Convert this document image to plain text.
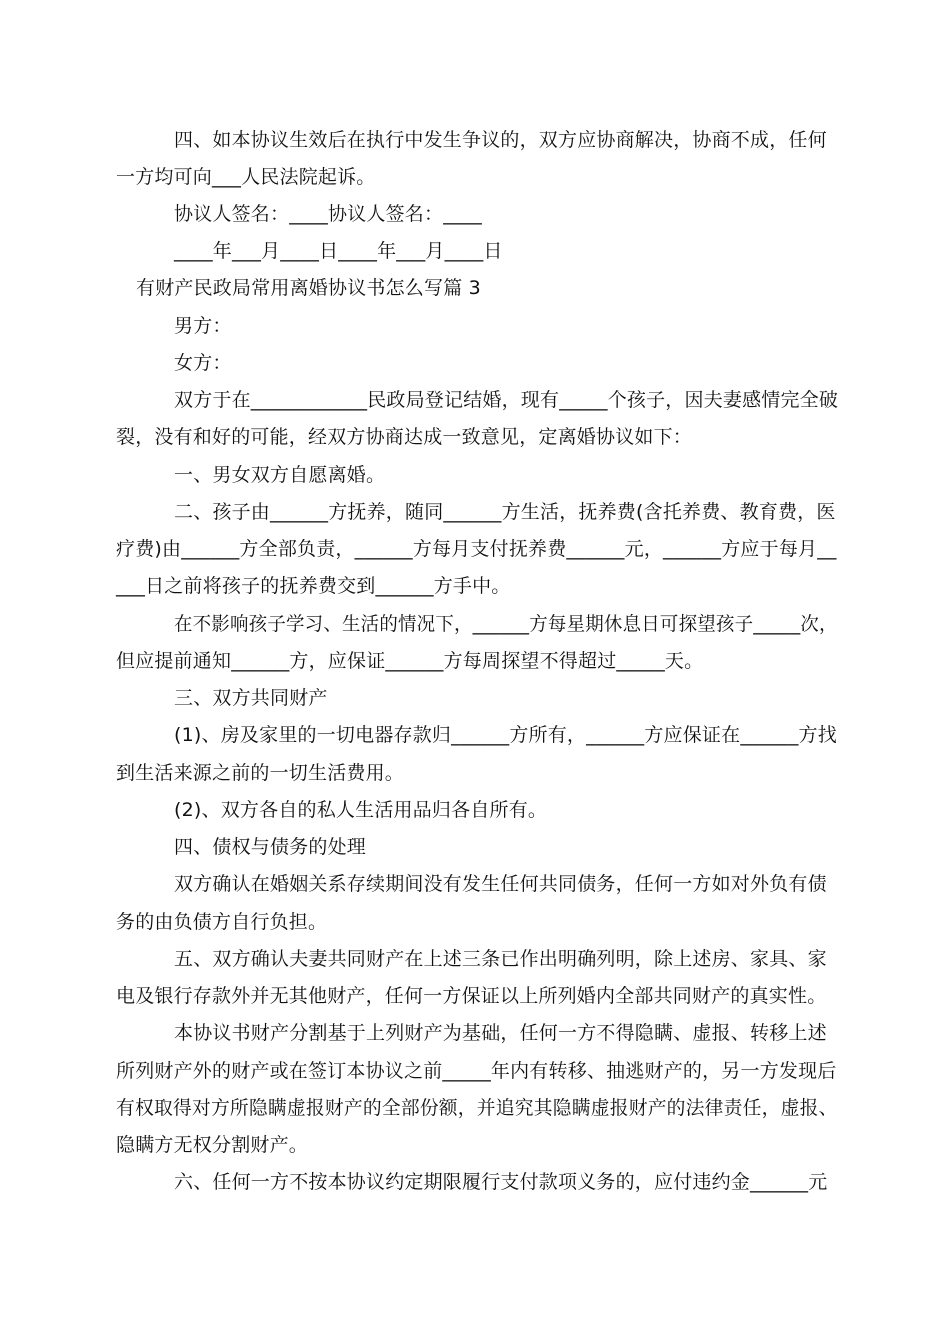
四、如本协议生效后在执行中发生争议的，双方应协商解决，协商不成，任何
一方均可向___人民法院起诉。
协议人签名：____协议人签名：____
____年___月____日____年___月____日
有财产民政局常用离婚协议书怎么写篇 3
男方：
女方：
双方于在____________民政局登记结婚，现有_____个孩子，因夫妻感情完全破
裂，没有和好的可能，经双方协商达成一致意见，定离婚协议如下：
一、男女双方自愿离婚。
二、孩子由______方抚养，随同______方生活，抚养费(含托养费、教育费，医
疗费)由______方全部负责，______方每月支付抚养费______元，______方应于每月__
___日之前将孩子的抚养费交到______方手中。
在不影响孩子学习、生活的情况下，______方每星期休息日可探望孩子_____次，
但应提前通知______方，应保证______方每周探望不得超过_____天。
三、双方共同财产
(1)、房及家里的一切电器存款归______方所有，______方应保证在______方找
到生活来源之前的一切生活费用。
(2)、双方各自的私人生活用品归各自所有。
四、债权与债务的处理
双方确认在婚姻关系存续期间没有发生任何共同债务，任何一方如对外负有债
务的由负债方自行负担。
五、双方确认夫妻共同财产在上述三条已作出明确列明，除上述房、家具、家
电及银行存款外并无其他财产，任何一方保证以上所列婚内全部共同财产的真实性。
本协议书财产分割基于上列财产为基础，任何一方不得隐瞒、虚报、转移上述
所列财产外的财产或在签订本协议之前_____年内有转移、抽逃财产的，另一方发现后
有权取得对方所隐瞒虚报财产的全部份额，并追究其隐瞒虚报财产的法律责任，虚报、
隐瞒方无权分割财产。
六、任何一方不按本协议约定期限履行支付款项义务的，应付违约金______元
